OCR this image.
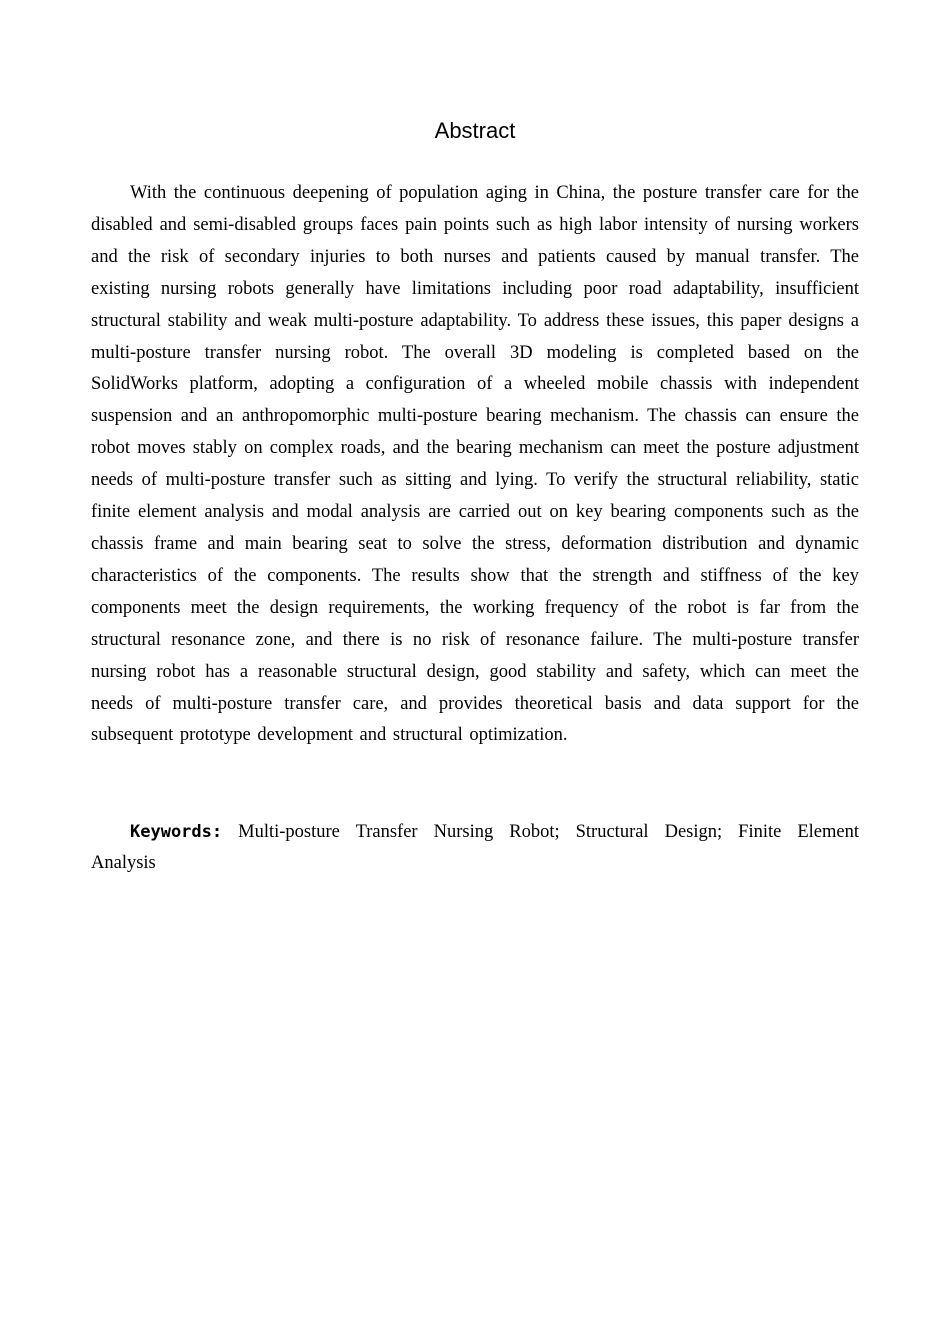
Abstract

With the continuous deepening of population aging in China, the posture transfer care for the disabled and semi-disabled groups faces pain points such as high labor intensity of nursing workers and the risk of secondary injuries to both nurses and patients caused by manual transfer. The existing nursing robots generally have limitations including poor road adaptability, insufficient structural stability and weak multi-posture adaptability. To address these issues, this paper designs a multi-posture transfer nursing robot. The overall 3D modeling is completed based on the SolidWorks platform, adopting a configuration of a wheeled mobile chassis with independent suspension and an anthropomorphic multi-posture bearing mechanism. The chassis can ensure the robot moves stably on complex roads, and the bearing mechanism can meet the posture adjustment needs of multi-posture transfer such as sitting and lying. To verify the structural reliability, static finite element analysis and modal analysis are carried out on key bearing components such as the chassis frame and main bearing seat to solve the stress, deformation distribution and dynamic characteristics of the components. The results show that the strength and stiffness of the key components meet the design requirements, the working frequency of the robot is far from the structural resonance zone, and there is no risk of resonance failure. The multi-posture transfer nursing robot has a reasonable structural design, good stability and safety, which can meet the needs of multi-posture transfer care, and provides theoretical basis and data support for the subsequent prototype development and structural optimization.

Keywords: Multi-posture Transfer Nursing Robot; Structural Design; Finite Element Analysis
